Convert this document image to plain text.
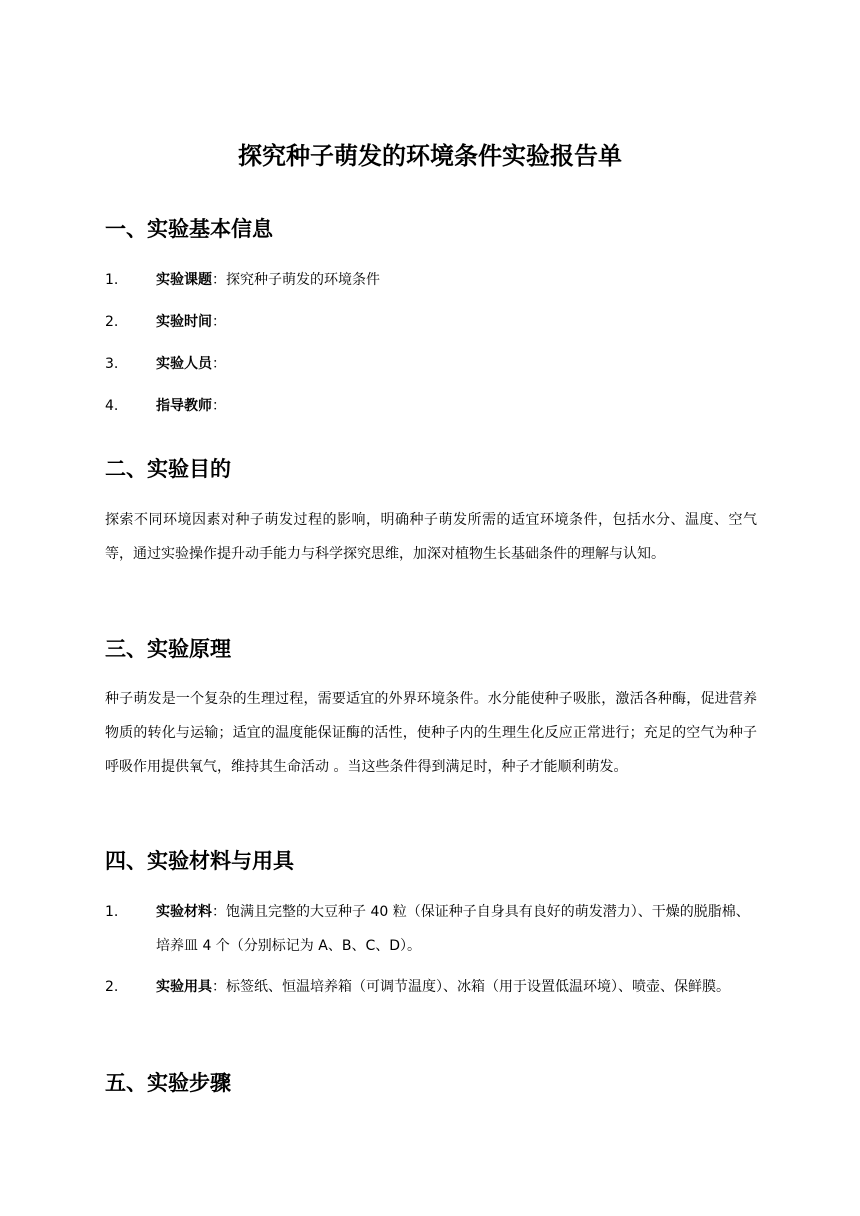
探究种子萌发的环境条件实验报告单
一、实验基本信息
1.	实验课题：探究种子萌发的环境条件
2.	实验时间：
3.	实验人员：
4.	指导教师：
二、实验目的
探索不同环境因素对种子萌发过程的影响，明确种子萌发所需的适宜环境条件，包括水分、温度、空气等，通过实验操作提升动手能力与科学探究思维，加深对植物生长基础条件的理解与认知。
三、实验原理
种子萌发是一个复杂的生理过程，需要适宜的外界环境条件。水分能使种子吸胀，激活各种酶，促进营养物质的转化与运输；适宜的温度能保证酶的活性，使种子内的生理生化反应正常进行；充足的空气为种子呼吸作用提供氧气，维持其生命活动 。当这些条件得到满足时，种子才能顺利萌发。
四、实验材料与用具
1.	实验材料：饱满且完整的大豆种子 40 粒（保证种子自身具有良好的萌发潜力）、干燥的脱脂棉、培养皿 4 个（分别标记为 A、B、C、D）。
2.	实验用具：标签纸、恒温培养箱（可调节温度）、冰箱（用于设置低温环境）、喷壶、保鲜膜。
五、实验步骤
